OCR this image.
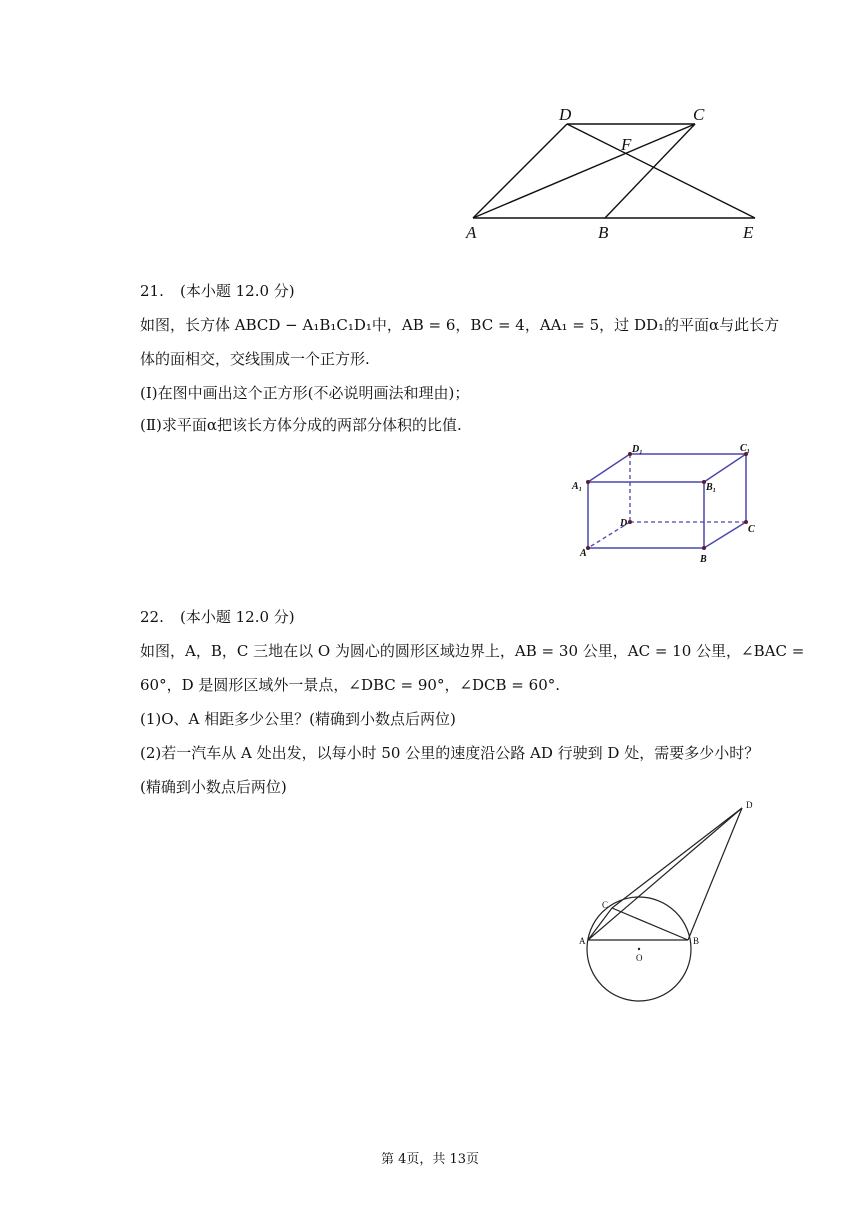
D	C
F
A	B	E
21. (本小题 12.0 分)
如图，长方体 ABCD − A₁B₁C₁D₁中，AB = 6，BC = 4，AA₁ = 5，过 DD₁的平面α与此长方
体的面相交，交线围成一个正方形.
(Ⅰ)在图中画出这个正方形(不必说明画法和理由)；
(Ⅱ)求平面α把该长方体分成的两部分体积的比值.
D₁	C₁
A₁	B₁
D
C
A
B
22. (本小题 12.0 分)
如图，A，B，C 三地在以 O 为圆心的圆形区域边界上，AB = 30 公里，AC = 10 公里，∠BAC =
60°，D 是圆形区域外一景点，∠DBC = 90°，∠DCB = 60°.
(1)O、A 相距多少公里？(精确到小数点后两位)
(2)若一汽车从 A 处出发，以每小时 50 公里的速度沿公路 AD 行驶到 D 处，需要多少小时？
(精确到小数点后两位)
D
C
A	B
O
第 4页，共 13页
